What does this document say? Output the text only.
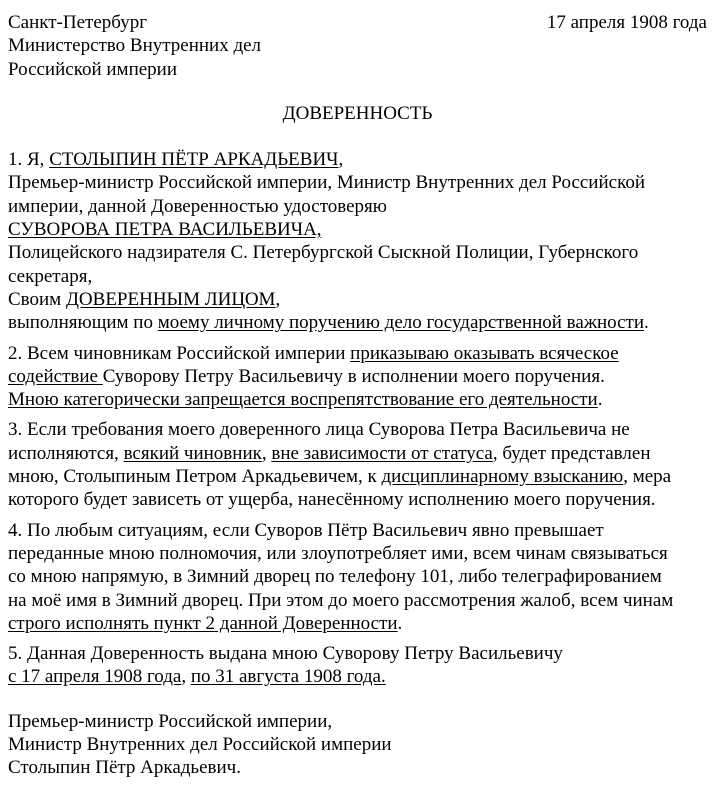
Санкт-Петербург	17 апреля 1908 года
Министерство Внутренних дел
Российской империи
ДОВЕРЕННОСТЬ
1. Я, СТОЛЫПИН ПЁТР АРКАДЬЕВИЧ,
Премьер-министр Российской империи, Министр Внутренних дел Российской
империи, данной Доверенностью удостоверяю
СУВОРОВА ПЕТРА ВАСИЛЬЕВИЧА,
Полицейского надзирателя С. Петербургской Сыскной Полиции, Губернского
секретаря,
Своим ДОВЕРЕННЫМ ЛИЦОМ,
выполняющим по моему личному поручению дело государственной важности.
2. Всем чиновникам Российской империи приказываю оказывать всяческое
содействие Суворову Петру Васильевичу в исполнении моего поручения.
Мною категорически запрещается воспрепятствование его деятельности.
3. Если требования моего доверенного лица Суворова Петра Васильевича не
исполняются, всякий чиновник, вне зависимости от статуса, будет представлен
мною, Столыпиным Петром Аркадьевичем, к дисциплинарному взысканию, мера
которого будет зависеть от ущерба, нанесённому исполнению моего поручения.
4. По любым ситуациям, если Суворов Пётр Васильевич явно превышает
переданные мною полномочия, или злоупотребляет ими, всем чинам связываться
со мною напрямую, в Зимний дворец по телефону 101, либо телеграфированием
на моё имя в Зимний дворец. При этом до моего рассмотрения жалоб, всем чинам
строго исполнять пункт 2 данной Доверенности.
5. Данная Доверенность выдана мною Суворову Петру Васильевичу
с 17 апреля 1908 года, по 31 августа 1908 года.
Премьер-министр Российской империи,
Министр Внутренних дел Российской империи
Столыпин Пётр Аркадьевич.
